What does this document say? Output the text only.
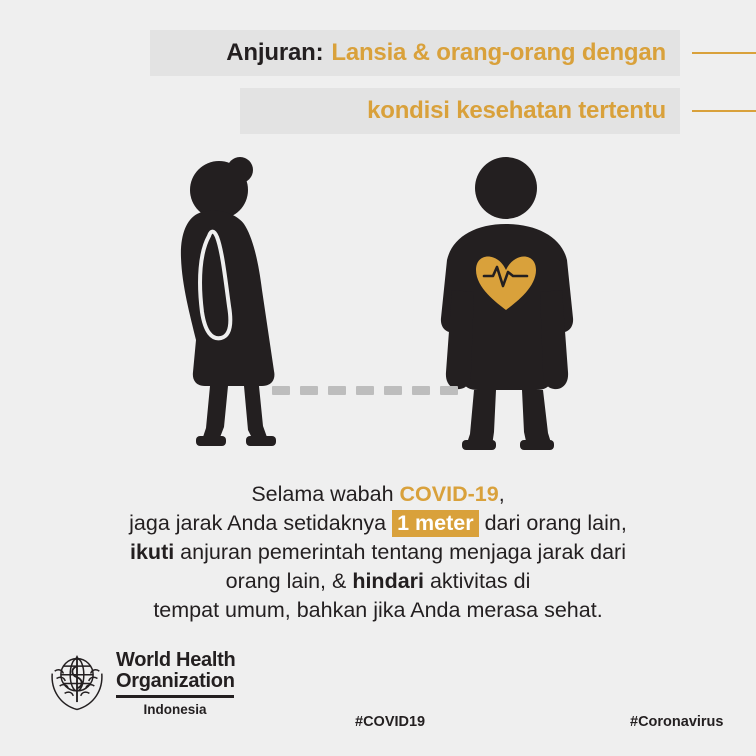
Anjuran: Lansia & orang-orang dengan
kondisi kesehatan tertentu
Selama wabah COVID-19,
jaga jarak Anda setidaknya 1 meter dari orang lain,
ikuti anjuran pemerintah tentang menjaga jarak dari
orang lain, & hindari aktivitas di
tempat umum, bahkan jika Anda merasa sehat.
World Health
Organization
Indonesia
#COVID19	#Coronavirus
